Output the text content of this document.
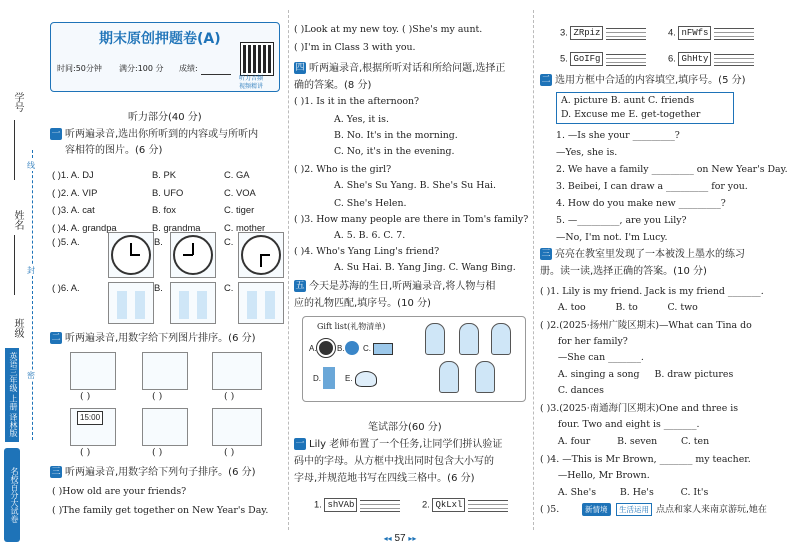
学号
姓名
班级
线
封
密
英语三年级 上册 译林版
名校百分大试卷
期末原创押题卷(A)
时间:50分钟 满分:100 分 成绩:
听力音频
视频精讲
听力部分(40 分)
一 听两遍录音,选出你所听到的内容或与所听内
容相符的图片。(6 分)
( )1. A. DJ	B. PK	C. GA
( )2. A. VIP	B. UFO	C. VOA
( )3. A. cat	B. fox	C. tiger
( )4. A. grandpa	B. grandma	C. mother
( )5. A.	B.	C.
( )6. A.	B.	C.
二 听两遍录音,用数字给下列图片排序。(6 分)
( )	( )	( )
15:00
( )	( )	( )
三 听两遍录音,用数字给下列句子排序。(6 分)
( )How old are your friends?
( )The family get together on New Year's Day.
( )Look at my new toy. ( )She's my aunt.
( )I'm in Class 3 with you.
四 听两遍录音,根据所听对话和所给问题,选择正
确的答案。(8 分)
( )1. Is it in the afternoon?
A. Yes, it is.
B. No. It's in the morning.
C. No, it's in the evening.
( )2. Who is the girl?
A. She's Su Yang. B. She's Su Hai.
C. She's Helen.
( )3. How many people are there in Tom's family?
A. 5. B. 6. C. 7.
( )4. Who's Yang Ling's friend?
A. Su Hai. B. Yang Jing. C. Wang Bing.
五 今天是苏海的生日,听两遍录音,将人物与相
应的礼物匹配,填序号。(10 分)
Gift list(礼物清单)
A.	B. C.
D.	E.
笔试部分(60 分)
一 Lily 老师布置了一个任务,让同学们拼认验证
码中的字母。从方框中找出同时包含大小写的
字母,并规范地书写在四线三格中。(6 分)
1. shVAb	2. QkLxl
3. ZRpiz	4. nFWfs
5. GoIFg	6. GhHty
二 选用方框中合适的内容填空,填序号。(5 分)
A. picture B. aunt C. friends
D. Excuse me E. get-together
1. —Is she your _________?
—Yes, she is.
2. We have a family _________ on New Year's Day.
3. Beibei, I can draw a _________ for you.
4. How do you make new _________?
5. —_________, are you Lily?
—No, I'm not. I'm Lucy.
三 亮亮在教室里发现了一本被泼上墨水的练习
册。读一读,选择正确的答案。(10 分)
( )1. Lily is my friend. Jack is my friend _______.
A. too          B. to          C. two
( )2.(2025·扬州广陵区期末)—What can Tina do
for her family?
—She can _______.
A. singing a song     B. draw pictures
C. dances
( )3.(2025·南通海门区期末)One and three is
four. Two and eight is _______.
A. four         B. seven        C. ten
( )4. —This is Mr Brown, _______ my teacher.
—Hello, Mr Brown.
A. She's        B. He's         C. It's
( )5.	新情境	生活运用 点点和家人来南京游玩,她在
◂◂ 57 ▸▸
